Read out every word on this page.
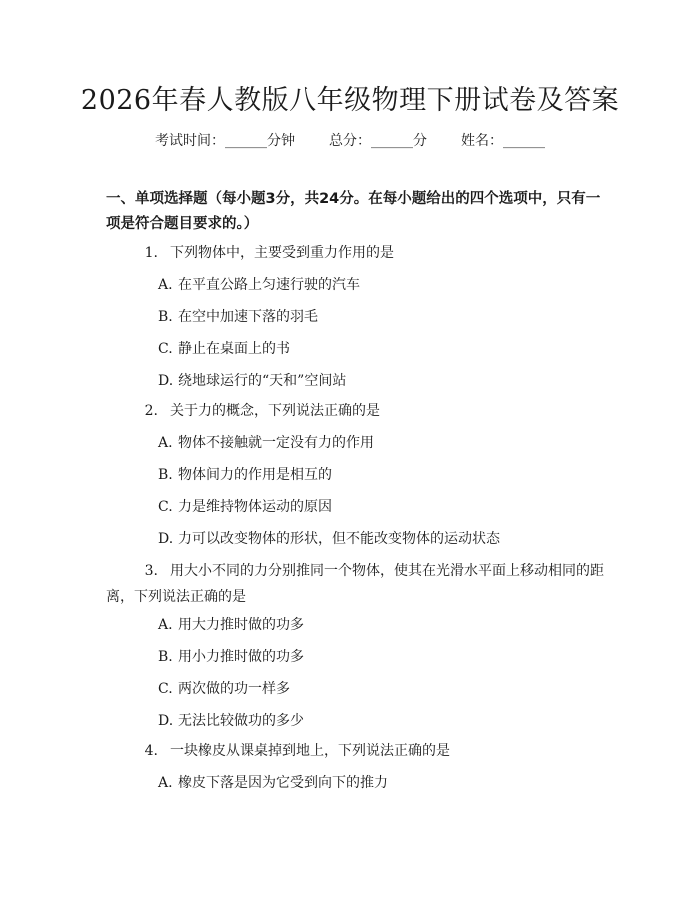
2026年春人教版八年级物理下册试卷及答案
考试时间：______分钟 总分：______分 姓名：______
一、单项选择题（每小题3分，共24分。在每小题给出的四个选项中，只有一项是符合题目要求的。）
1. 下列物体中，主要受到重力作用的是
A. 在平直公路上匀速行驶的汽车
B. 在空中加速下落的羽毛
C. 静止在桌面上的书
D. 绕地球运行的“天和”空间站
2. 关于力的概念，下列说法正确的是
A. 物体不接触就一定没有力的作用
B. 物体间力的作用是相互的
C. 力是维持物体运动的原因
D. 力可以改变物体的形状，但不能改变物体的运动状态
3. 用大小不同的力分别推同一个物体，使其在光滑水平面上移动相同的距离，下列说法正确的是
A. 用大力推时做的功多
B. 用小力推时做的功多
C. 两次做的功一样多
D. 无法比较做功的多少
4. 一块橡皮从课桌掉到地上，下列说法正确的是
A. 橡皮下落是因为它受到向下的推力
